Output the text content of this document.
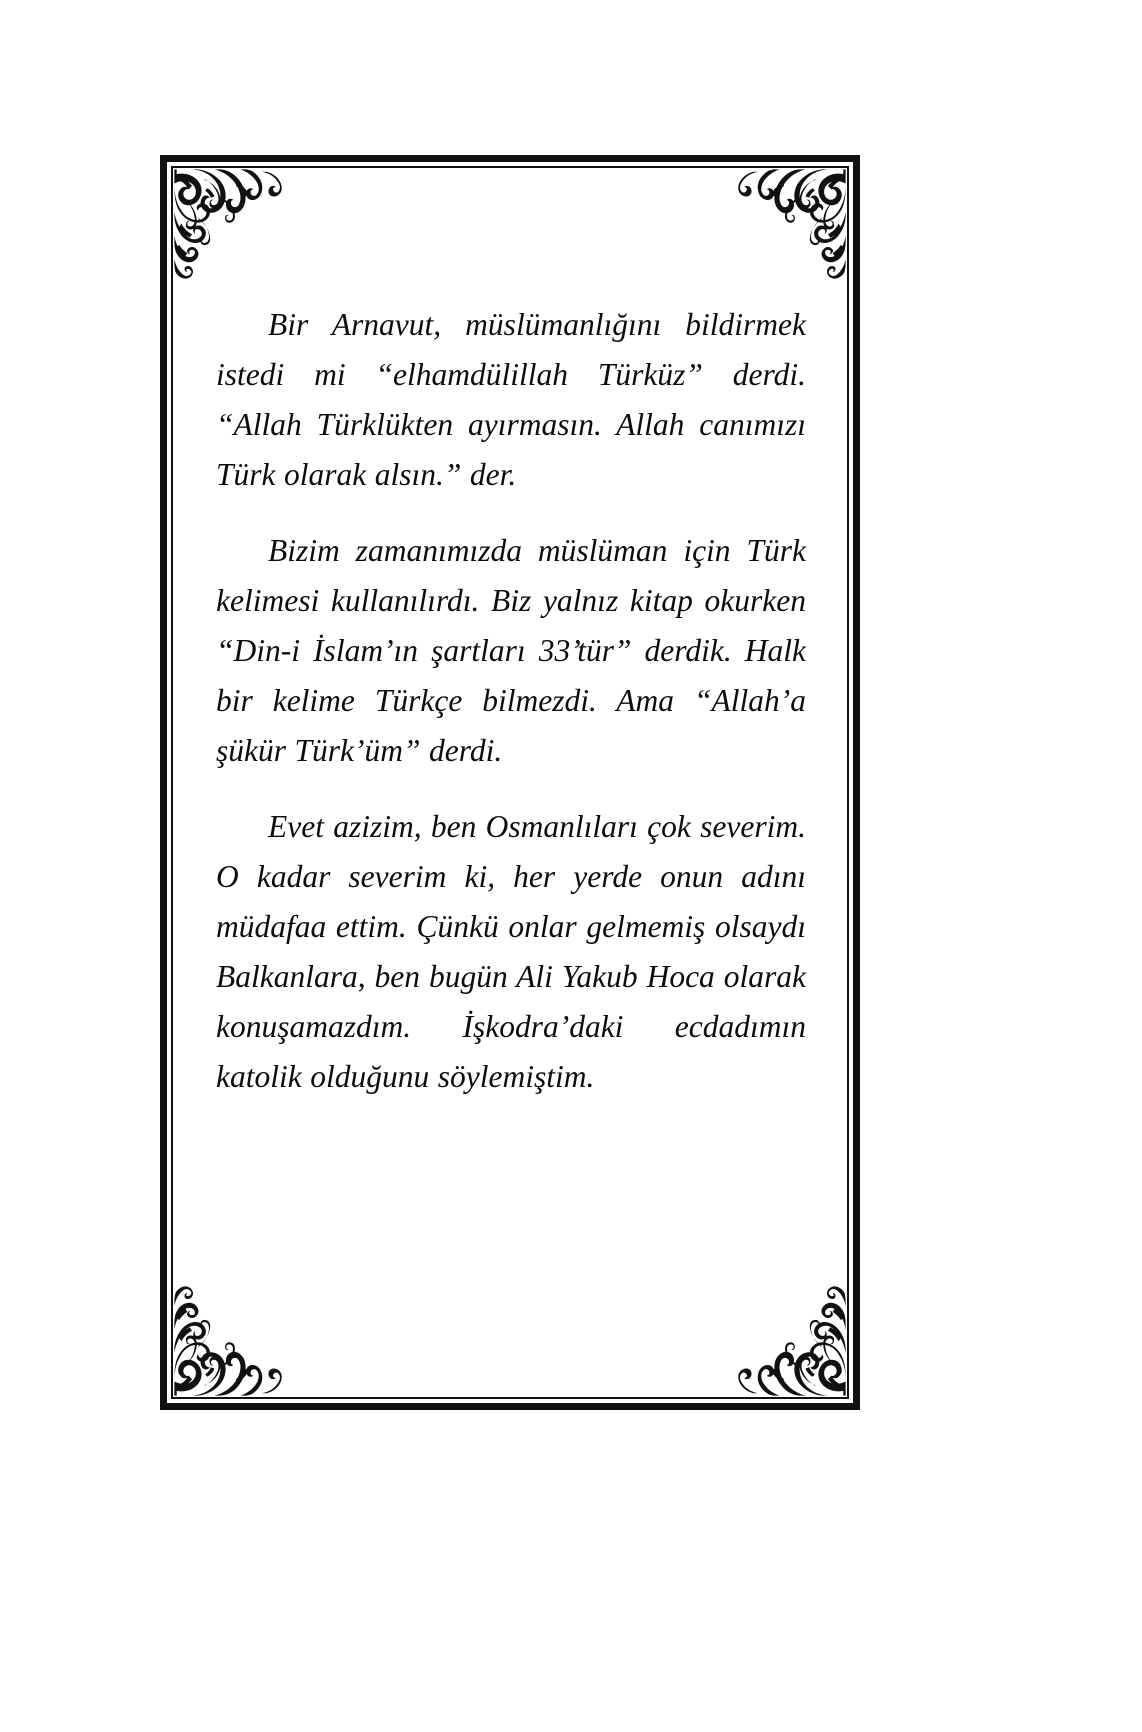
Bir Arnavut, müslümanlığını bildirmek istedi mi “elhamdülillah Türküz” derdi. “Allah Türklükten ayırmasın. Allah canımızı Türk olarak alsın.” der.

Bizim zamanımızda müslüman için Türk kelimesi kullanılırdı. Biz yalnız kitap okurken “Din-i İslam’ın şartları 33’tür” derdik. Halk bir kelime Türkçe bilmezdi. Ama “Allah’a şükür Türk’üm” derdi.

Evet azizim, ben Osmanlıları çok severim. O kadar severim ki, her yerde onun adını müdafaa ettim. Çünkü onlar gelmemiş olsaydı Balkanlara, ben bugün Ali Yakub Hoca olarak konuşamazdım. İşkodra’daki ecdadımın katolik olduğunu söylemiştim.
